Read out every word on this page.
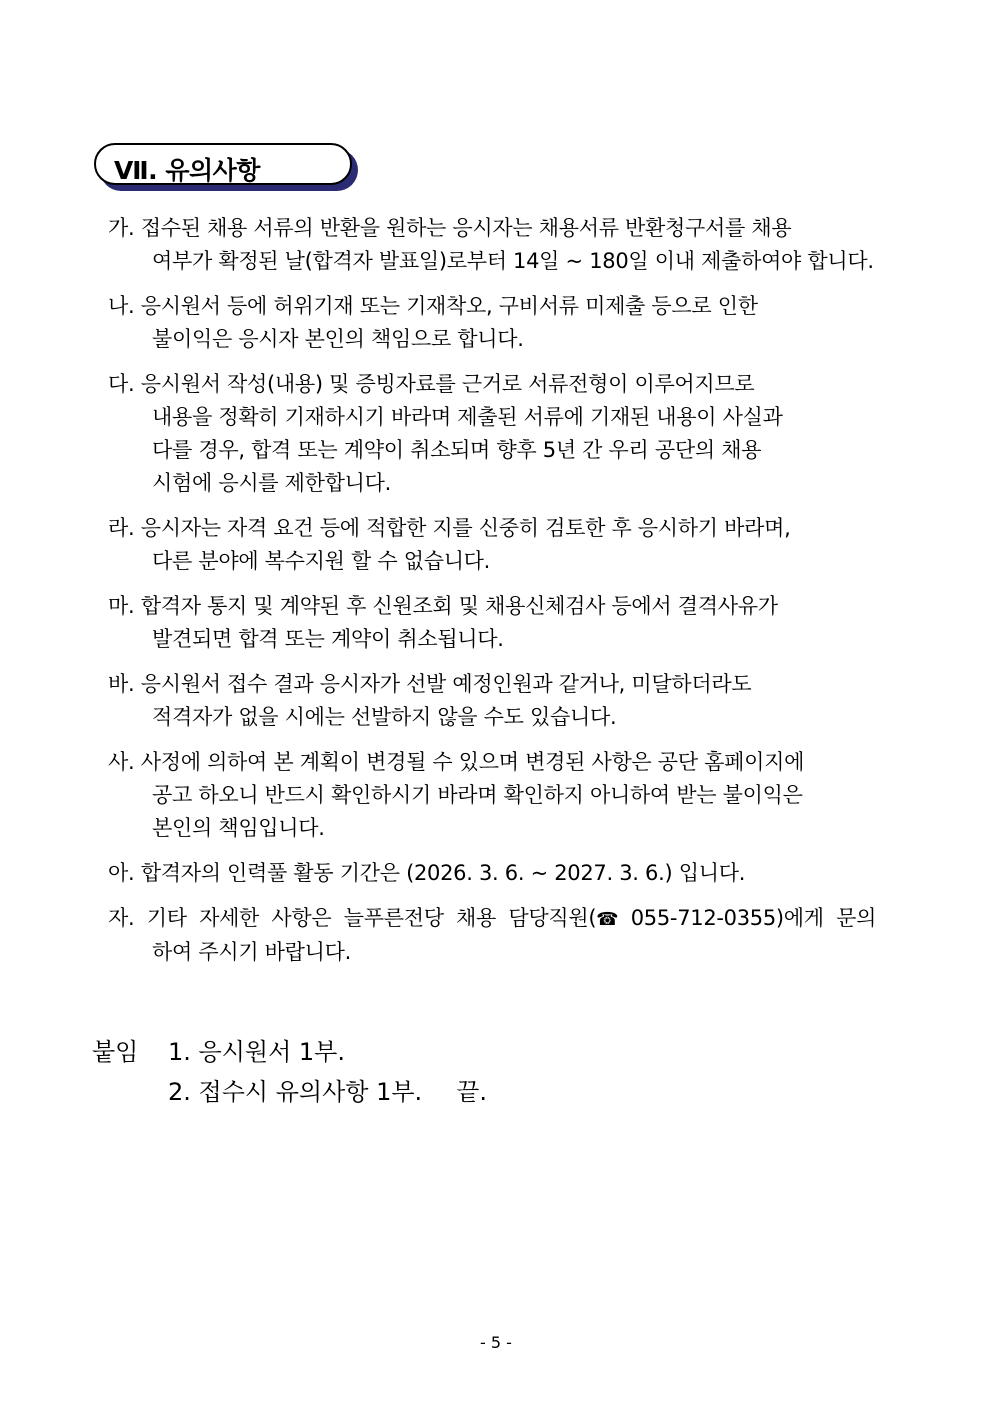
Ⅶ. 유의사항
가. 접수된 채용 서류의 반환을 원하는 응시자는 채용서류 반환청구서를 채용
여부가 확정된 날(합격자 발표일)로부터 14일 ~ 180일 이내 제출하여야 합니다.
나. 응시원서 등에 허위기재 또는 기재착오, 구비서류 미제출 등으로 인한
불이익은 응시자 본인의 책임으로 합니다.
다. 응시원서 작성(내용) 및 증빙자료를 근거로 서류전형이 이루어지므로
내용을 정확히 기재하시기 바라며 제출된 서류에 기재된 내용이 사실과
다를 경우, 합격 또는 계약이 취소되며 향후 5년 간 우리 공단의 채용
시험에 응시를 제한합니다.
라. 응시자는 자격 요건 등에 적합한 지를 신중히 검토한 후 응시하기 바라며,
다른 분야에 복수지원 할 수 없습니다.
마. 합격자 통지 및 계약된 후 신원조회 및 채용신체검사 등에서 결격사유가
발견되면 합격 또는 계약이 취소됩니다.
바. 응시원서 접수 결과 응시자가 선발 예정인원과 같거나, 미달하더라도
적격자가 없을 시에는 선발하지 않을 수도 있습니다.
사. 사정에 의하여 본 계획이 변경될 수 있으며 변경된 사항은 공단 홈페이지에
공고 하오니 반드시 확인하시기 바라며 확인하지 아니하여 받는 불이익은
본인의 책임입니다.
아. 합격자의 인력풀 활동 기간은 (2026. 3. 6. ~ 2027. 3. 6.) 입니다.
자. 기타 자세한 사항은 늘푸른전당 채용 담당직원(☎ 055-712-0355)에게 문의
하여 주시기 바랍니다.
붙임 1. 응시원서 1부.
2. 접수시 유의사항 1부. 끝.
- 5 -
